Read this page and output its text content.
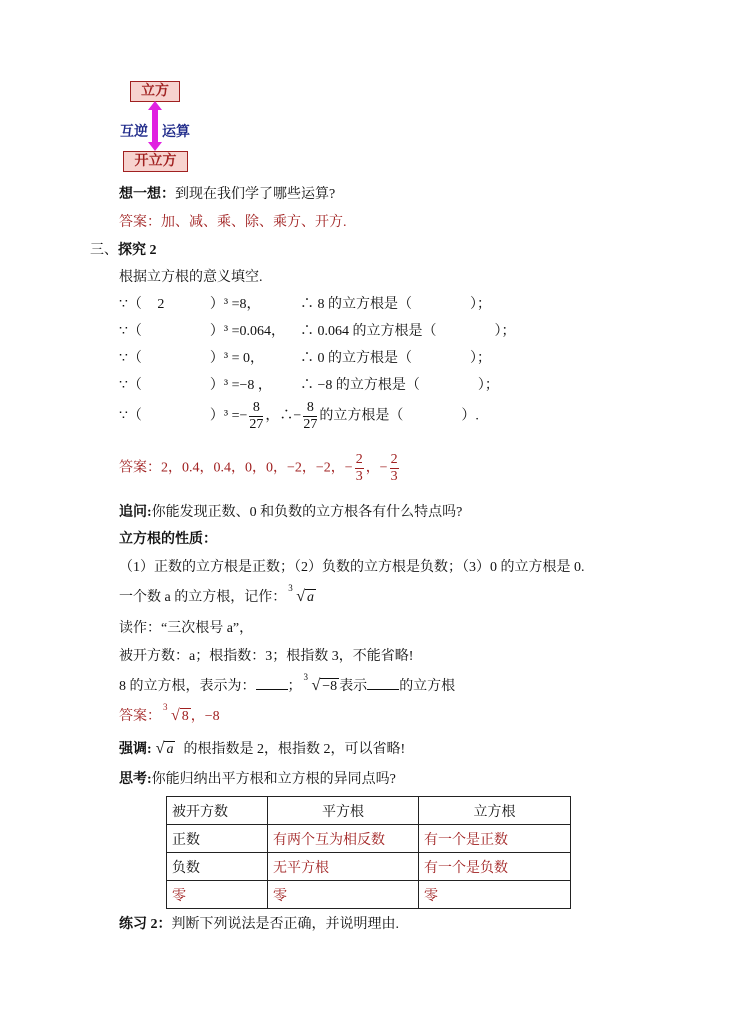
立方
互逆 运算
开立方
想一想：到现在我们学了哪些运算?
答案：加、减、乘、除、乘方、开方.
三、探究 2
根据立方根的意义填空.
∵（ 2	）³ =8，	∴ 8 的立方根是（	）；
∵（	）³ =0.064， ∴ 0.064 的立方根是（	）；
∵（	）³ = 0，	∴ 0 的立方根是（	）；
∵（	）³ =−8 ， ∴ −8 的立方根是（	）；
∵（	）$^3 =- \frac{8}{27}$ ，∴− $\frac{8}{27}$ 的立方根是（	）.
答案：2，0.4，0.4，0，0，−2，−2，− $\frac{2}{3}$ ，− $\frac{2}{3}$
追问:你能发现正数、0 和负数的立方根各有什么特点吗?
立方根的性质：
（1）正数的立方根是正数；（2）负数的立方根是负数；（3）0 的立方根是 0.
一个数 a 的立方根，记作：
3 √ a
读作：“三次根号 a”，
被开方数：a；根指数：3；根指数 3，不能省略!
8 的立方根，表示为： ；
3 √ −8 表示 的立方根
答案：
3 √ 8 ，−8
强调: √ a 的根指数是 2，根指数 2，可以省略!
思考:你能归纳出平方根和立方根的异同点吗?
被开方数	平方根	立方根
正数	有两个互为相反数	有一个是正数
负数	无平方根	有一个是负数
零	零	零
练习 2：判断下列说法是否正确，并说明理由.
